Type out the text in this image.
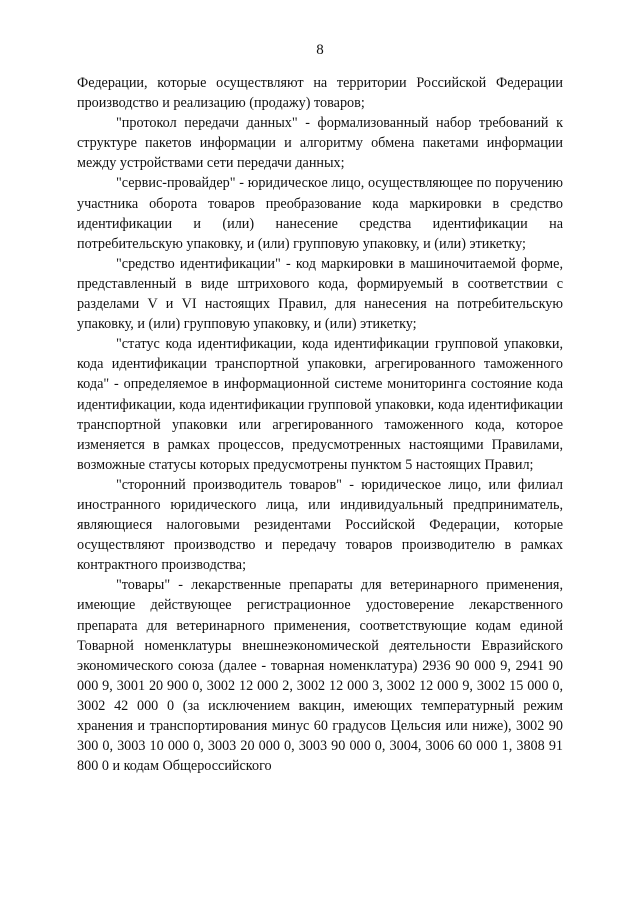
8

Федерации, которые осуществляют на территории Российской Федерации производство и реализацию (продажу) товаров;

"протокол передачи данных" - формализованный набор требований к структуре пакетов информации и алгоритму обмена пакетами информации между устройствами сети передачи данных;

"сервис-провайдер" - юридическое лицо, осуществляющее по поручению участника оборота товаров преобразование кода маркировки в средство идентификации и (или) нанесение средства идентификации на потребительскую упаковку, и (или) групповую упаковку, и (или) этикетку;

"средство идентификации" - код маркировки в машиночитаемой форме, представленный в виде штрихового кода, формируемый в соответствии с разделами V и VI настоящих Правил, для нанесения на потребительскую упаковку, и (или) групповую упаковку, и (или) этикетку;

"статус кода идентификации, кода идентификации групповой упаковки, кода идентификации транспортной упаковки, агрегированного таможенного кода" - определяемое в информационной системе мониторинга состояние кода идентификации, кода идентификации групповой упаковки, кода идентификации транспортной упаковки или агрегированного таможенного кода, которое изменяется в рамках процессов, предусмотренных настоящими Правилами, возможные статусы которых предусмотрены пунктом 5 настоящих Правил;

"сторонний производитель товаров" - юридическое лицо, или филиал иностранного юридического лица, или индивидуальный предприниматель, являющиеся налоговыми резидентами Российской Федерации, которые осуществляют производство и передачу товаров производителю в рамках контрактного производства;

"товары" - лекарственные препараты для ветеринарного применения, имеющие действующее регистрационное удостоверение лекарственного препарата для ветеринарного применения, соответствующие кодам единой Товарной номенклатуры внешнеэкономической деятельности Евразийского экономического союза (далее - товарная номенклатура) 2936 90 000 9, 2941 90 000 9, 3001 20 900 0, 3002 12 000 2, 3002 12 000 3, 3002 12 000 9, 3002 15 000 0, 3002 42 000 0 (за исключением вакцин, имеющих температурный режим хранения и транспортирования минус 60 градусов Цельсия или ниже), 3002 90 300 0, 3003 10 000 0, 3003 20 000 0, 3003 90 000 0, 3004, 3006 60 000 1, 3808 91 800 0 и кодам Общероссийского
